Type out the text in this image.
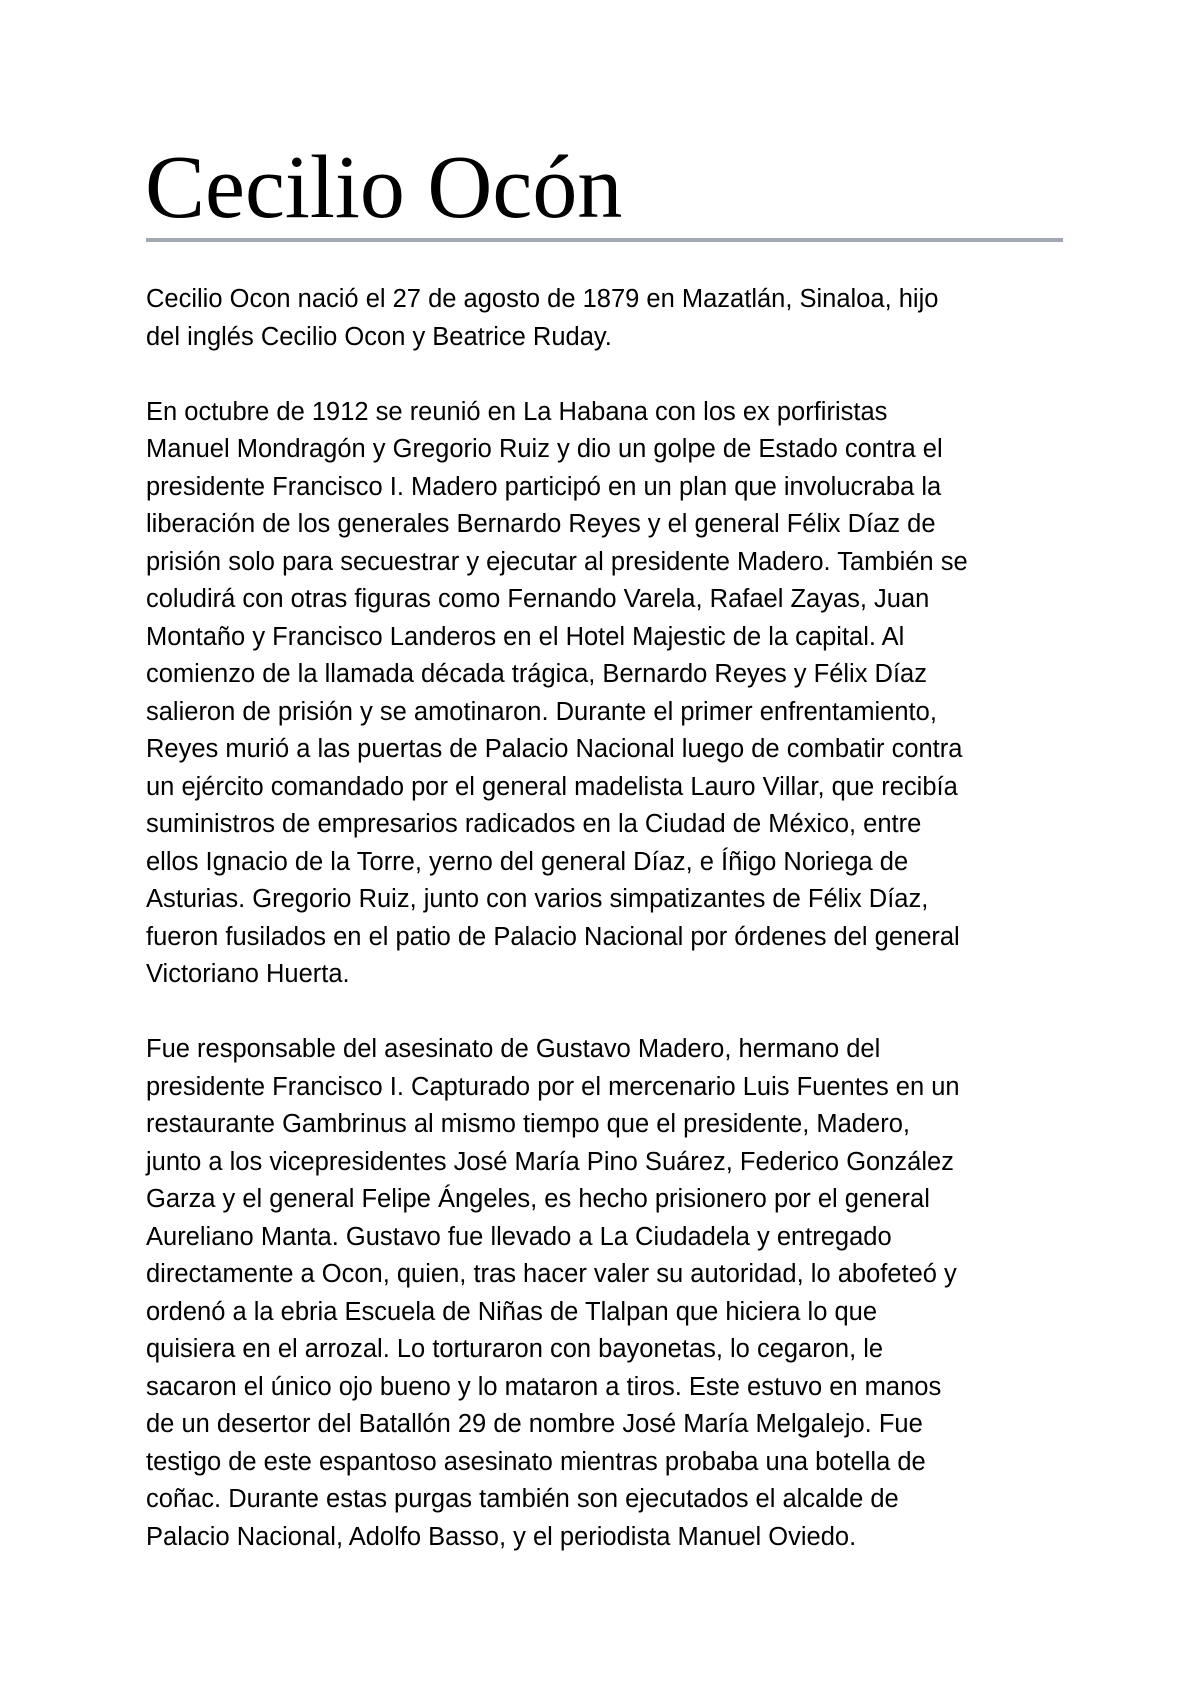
Cecilio Ocón

Cecilio Ocon nació el 27 de agosto de 1879 en Mazatlán, Sinaloa, hijo
del inglés Cecilio Ocon y Beatrice Ruday.

En octubre de 1912 se reunió en La Habana con los ex porfiristas
Manuel Mondragón y Gregorio Ruiz y dio un golpe de Estado contra el
presidente Francisco I. Madero participó en un plan que involucraba la
liberación de los generales Bernardo Reyes y el general Félix Díaz de
prisión solo para secuestrar y ejecutar al presidente Madero. También se
coludirá con otras figuras como Fernando Varela, Rafael Zayas, Juan
Montaño y Francisco Landeros en el Hotel Majestic de la capital. Al
comienzo de la llamada década trágica, Bernardo Reyes y Félix Díaz
salieron de prisión y se amotinaron. Durante el primer enfrentamiento,
Reyes murió a las puertas de Palacio Nacional luego de combatir contra
un ejército comandado por el general madelista Lauro Villar, que recibía
suministros de empresarios radicados en la Ciudad de México, entre
ellos Ignacio de la Torre, yerno del general Díaz, e Íñigo Noriega de
Asturias. Gregorio Ruiz, junto con varios simpatizantes de Félix Díaz,
fueron fusilados en el patio de Palacio Nacional por órdenes del general
Victoriano Huerta.

Fue responsable del asesinato de Gustavo Madero, hermano del
presidente Francisco I. Capturado por el mercenario Luis Fuentes en un
restaurante Gambrinus al mismo tiempo que el presidente, Madero,
junto a los vicepresidentes José María Pino Suárez, Federico González
Garza y el general Felipe Ángeles, es hecho prisionero por el general
Aureliano Manta. Gustavo fue llevado a La Ciudadela y entregado
directamente a Ocon, quien, tras hacer valer su autoridad, lo abofeteó y
ordenó a la ebria Escuela de Niñas de Tlalpan que hiciera lo que
quisiera en el arrozal. Lo torturaron con bayonetas, lo cegaron, le
sacaron el único ojo bueno y lo mataron a tiros. Este estuvo en manos
de un desertor del Batallón 29 de nombre José María Melgalejo. Fue
testigo de este espantoso asesinato mientras probaba una botella de
coñac. Durante estas purgas también son ejecutados el alcalde de
Palacio Nacional, Adolfo Basso, y el periodista Manuel Oviedo.
